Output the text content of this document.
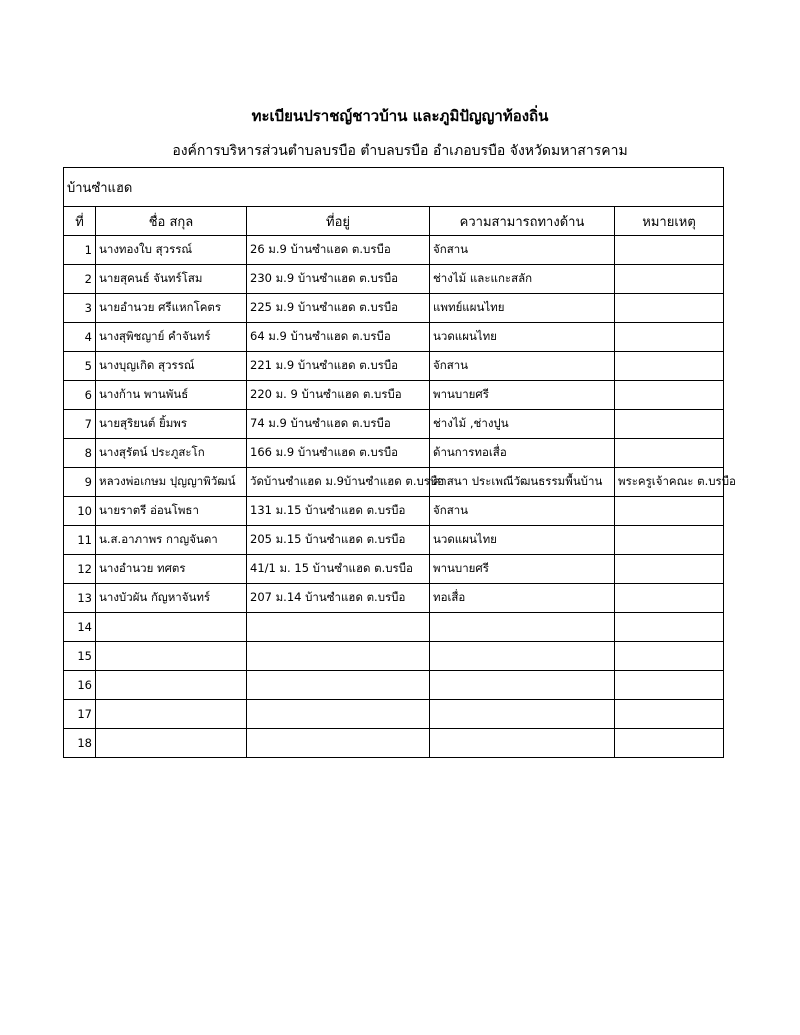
ทะเบียนปราชญ์ชาวบ้าน และภูมิปัญญาท้องถิ่น
องค์การบริหารส่วนตำบลบรบือ ตำบลบรบือ อำเภอบรบือ จังหวัดมหาสารคาม
บ้านซำแฮด				
ที่	ชื่อ สกุล	ที่อยู่	ความสามารถทางด้าน	หมายเหตุ
1	นางทองใบ สุวรรณ์	26 ม.9 บ้านซำแฮด ต.บรบือ	จักสาน	
2	นายสุคนธ์ จันทร์โสม	230 ม.9 บ้านซำแฮด ต.บรบือ	ช่างไม้ และแกะสลัก	
3	นายอำนวย ศรีแหกโคตร	225 ม.9 บ้านซำแฮด ต.บรบือ	แพทย์แผนไทย	
4	นางสุพิชญาย์ คำจันทร์	64 ม.9 บ้านซำแฮด ต.บรบือ	นวดแผนไทย	
5	นางบุญเกิด สุวรรณ์	221 ม.9 บ้านซำแฮด ต.บรบือ	จักสาน	
6	นางก้าน พานพันธ์	220 ม. 9 บ้านซำแฮด ต.บรบือ	พานบายศรี	
7	นายสุริยนต์ ยิ้มพร	74 ม.9 บ้านซำแฮด ต.บรบือ	ช่างไม้ ,ช่างปูน	
8	นางสุรัตน์ ประภูสะโก	166 ม.9 บ้านซำแฮด ต.บรบือ	ด้านการทอเสื่อ	
9	หลวงพ่อเกษม ปุญญาพิวัฒน์	วัดบ้านซำแฮด ม.9บ้านซำแฮด ต.บรบือ	ศาสนา ประเพณีวัฒนธรรมพื้นบ้าน	พระครูเจ้าคณะ ต.บรบือ
10	นายราตรี อ่อนโพธา	131 ม.15 บ้านซำแฮด ต.บรบือ	จักสาน	
11	น.ส.อาภาพร กาญจันดา	205 ม.15 บ้านซำแฮด ต.บรบือ	นวดแผนไทย	
12	นางอำนวย ทศตร	41/1 ม. 15 บ้านซำแฮด ต.บรบือ	พานบายศรี	
13	นางบัวผัน กัญหาจันทร์	207 ม.14 บ้านซำแฮด ต.บรบือ	ทอเสื่อ	
14				
15				
16				
17				
18				
